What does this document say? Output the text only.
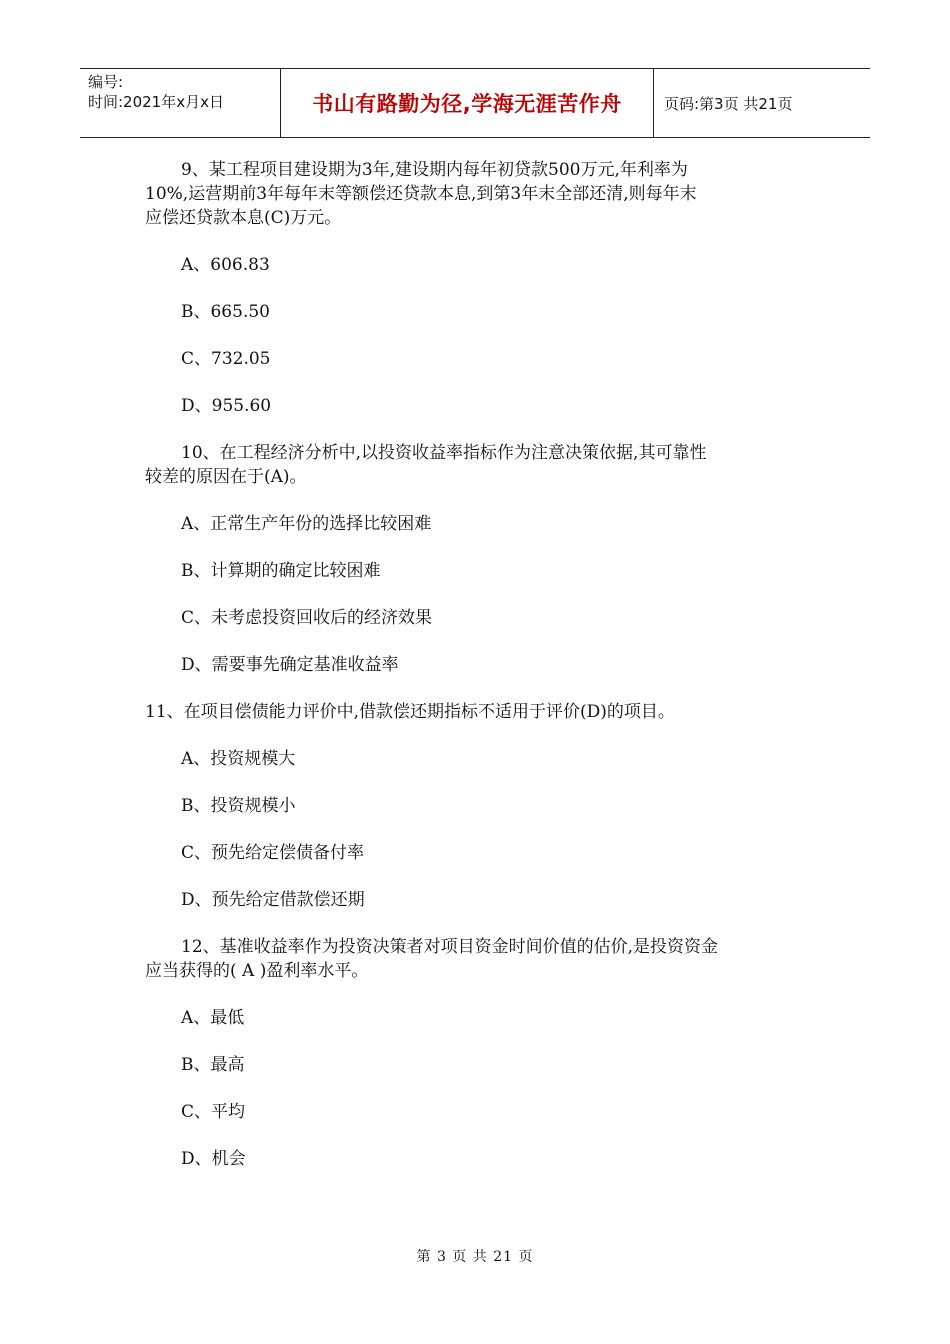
编号:
时间:2021年x月x日	书山有路勤为径,学海无涯苦作舟	页码:第3页 共21页

9、某工程项目建设期为3年,建设期内每年初贷款500万元,年利率为

10%,运营期前3年每年末等额偿还贷款本息,到第3年末全部还清,则每年末
应偿还贷款本息(C)万元。

A、606.83

B、665.50

C、732.05

D、955.60

10、在工程经济分析中,以投资收益率指标作为注意决策依据,其可靠性

较差的原因在于(A)。

A、正常生产年份的选择比较困难

B、计算期的确定比较困难

C、未考虑投资回收后的经济效果

D、需要事先确定基准收益率

11、在项目偿债能力评价中,借款偿还期指标不适用于评价(D)的项目。

A、投资规模大

B、投资规模小

C、预先给定偿债备付率

D、预先给定借款偿还期

12、基准收益率作为投资决策者对项目资金时间价值的估价,是投资资金

应当获得的( A )盈利率水平。

A、最低

B、最高

C、平均

D、机会

第 3 页 共 21 页
